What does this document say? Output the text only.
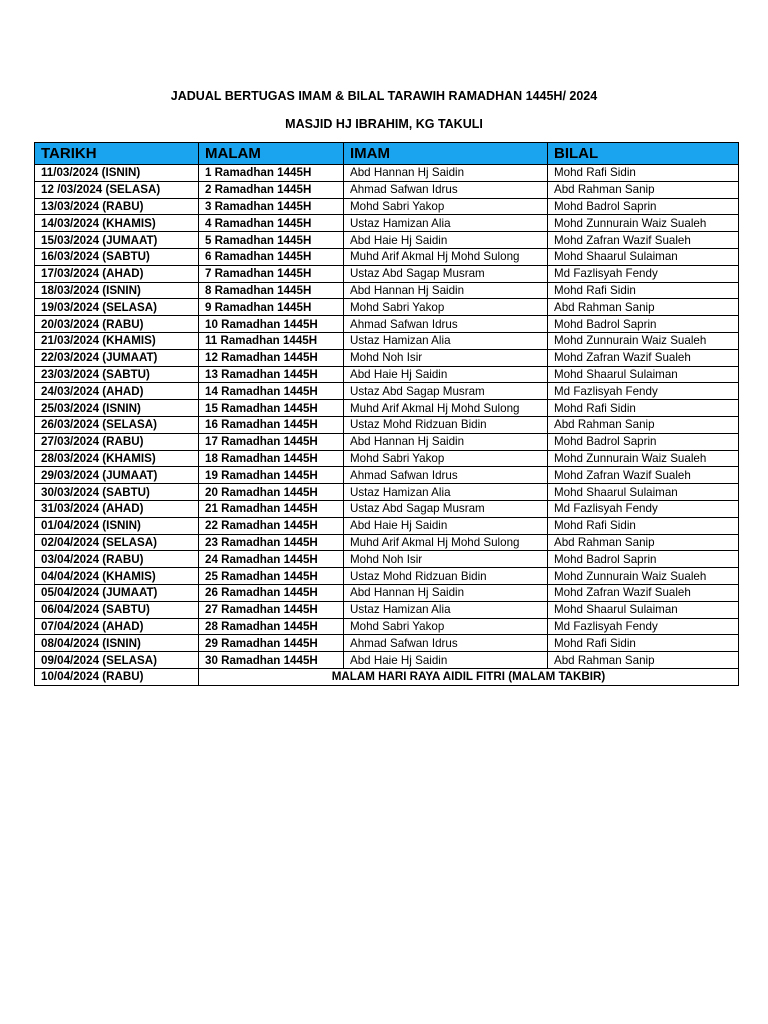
JADUAL BERTUGAS IMAM & BILAL TARAWIH RAMADHAN 1445H/ 2024
MASJID HJ IBRAHIM, KG TAKULI
TARIKH	MALAM	IMAM	BILAL
11/03/2024 (ISNIN)	1 Ramadhan 1445H	Abd Hannan Hj Saidin	Mohd Rafi Sidin
12 /03/2024 (SELASA)	2 Ramadhan 1445H	Ahmad Safwan Idrus	Abd Rahman Sanip
13/03/2024 (RABU)	3 Ramadhan 1445H	Mohd Sabri Yakop	Mohd Badrol Saprin
14/03/2024 (KHAMIS)	4 Ramadhan 1445H	Ustaz Hamizan Alia	Mohd Zunnurain Waiz Sualeh
15/03/2024 (JUMAAT)	5 Ramadhan 1445H	Abd Haie Hj Saidin	Mohd Zafran Wazif Sualeh
16/03/2024 (SABTU)	6 Ramadhan 1445H	Muhd Arif Akmal Hj Mohd Sulong	Mohd Shaarul Sulaiman
17/03/2024 (AHAD)	7 Ramadhan 1445H	Ustaz Abd Sagap Musram	Md Fazlisyah Fendy
18/03/2024 (ISNIN)	8 Ramadhan 1445H	Abd Hannan Hj Saidin	Mohd Rafi Sidin
19/03/2024 (SELASA)	9 Ramadhan 1445H	Mohd Sabri Yakop	Abd Rahman Sanip
20/03/2024 (RABU)	10 Ramadhan 1445H	Ahmad Safwan Idrus	Mohd Badrol Saprin
21/03/2024 (KHAMIS)	11 Ramadhan 1445H	Ustaz Hamizan Alia	Mohd Zunnurain Waiz Sualeh
22/03/2024 (JUMAAT)	12 Ramadhan 1445H	Mohd Noh Isir	Mohd Zafran Wazif Sualeh
23/03/2024 (SABTU)	13 Ramadhan 1445H	Abd Haie Hj Saidin	Mohd Shaarul Sulaiman
24/03/2024 (AHAD)	14 Ramadhan 1445H	Ustaz Abd Sagap Musram	Md Fazlisyah Fendy
25/03/2024 (ISNIN)	15 Ramadhan 1445H	Muhd Arif Akmal Hj Mohd Sulong	Mohd Rafi Sidin
26/03/2024 (SELASA)	16 Ramadhan 1445H	Ustaz Mohd Ridzuan Bidin	Abd Rahman Sanip
27/03/2024 (RABU)	17 Ramadhan 1445H	Abd Hannan Hj Saidin	Mohd Badrol Saprin
28/03/2024 (KHAMIS)	18 Ramadhan 1445H	Mohd Sabri Yakop	Mohd Zunnurain Waiz Sualeh
29/03/2024 (JUMAAT)	19 Ramadhan 1445H	Ahmad Safwan Idrus	Mohd Zafran Wazif Sualeh
30/03/2024 (SABTU)	20 Ramadhan 1445H	Ustaz Hamizan Alia	Mohd Shaarul Sulaiman
31/03/2024 (AHAD)	21 Ramadhan 1445H	Ustaz Abd Sagap Musram	Md Fazlisyah Fendy
01/04/2024 (ISNIN)	22 Ramadhan 1445H	Abd Haie Hj Saidin	Mohd Rafi Sidin
02/04/2024 (SELASA)	23 Ramadhan 1445H	Muhd Arif Akmal Hj Mohd Sulong	Abd Rahman Sanip
03/04/2024 (RABU)	24 Ramadhan 1445H	Mohd Noh Isir	Mohd Badrol Saprin
04/04/2024 (KHAMIS)	25 Ramadhan 1445H	Ustaz Mohd Ridzuan Bidin	Mohd Zunnurain Waiz Sualeh
05/04/2024 (JUMAAT)	26 Ramadhan 1445H	Abd Hannan Hj Saidin	Mohd Zafran Wazif Sualeh
06/04/2024 (SABTU)	27 Ramadhan 1445H	Ustaz Hamizan Alia	Mohd Shaarul Sulaiman
07/04/2024 (AHAD)	28 Ramadhan 1445H	Mohd Sabri Yakop	Md Fazlisyah Fendy
08/04/2024 (ISNIN)	29 Ramadhan 1445H	Ahmad Safwan Idrus	Mohd Rafi Sidin
09/04/2024 (SELASA)	30 Ramadhan 1445H	Abd Haie Hj Saidin	Abd Rahman Sanip
10/04/2024 (RABU)	MALAM HARI RAYA AIDIL FITRI (MALAM TAKBIR)		
